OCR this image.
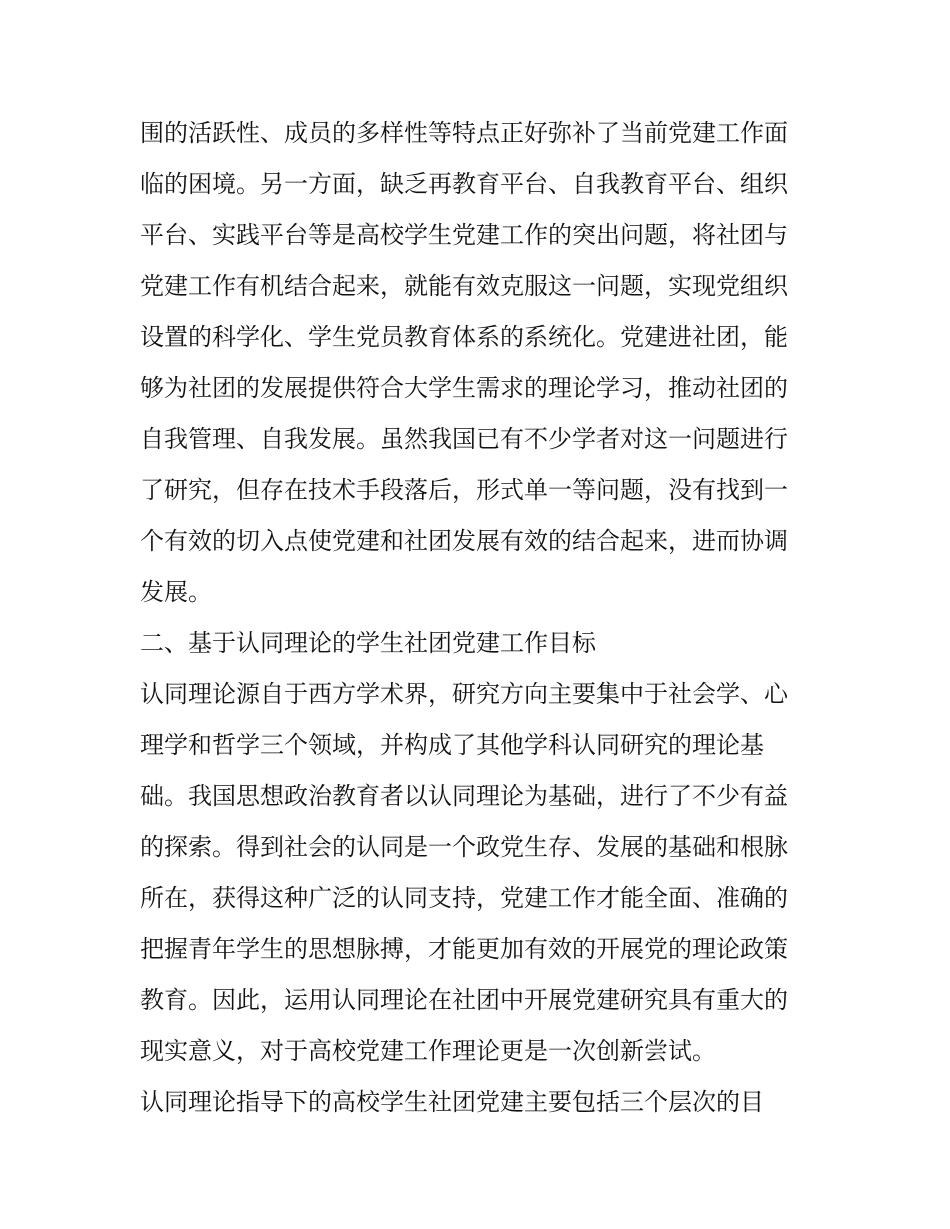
围的活跃性、成员的多样性等特点正好弥补了当前党建工作面
临的困境。另一方面，缺乏再教育平台、自我教育平台、组织
平台、实践平台等是高校学生党建工作的突出问题，将社团与
党建工作有机结合起来，就能有效克服这一问题，实现党组织
设置的科学化、学生党员教育体系的系统化。党建进社团，能
够为社团的发展提供符合大学生需求的理论学习，推动社团的
自我管理、自我发展。虽然我国已有不少学者对这一问题进行
了研究，但存在技术手段落后，形式单一等问题，没有找到一
个有效的切入点使党建和社团发展有效的结合起来，进而协调
发展。
二、基于认同理论的学生社团党建工作目标
认同理论源自于西方学术界，研究方向主要集中于社会学、心
理学和哲学三个领域，并构成了其他学科认同研究的理论基
础。我国思想政治教育者以认同理论为基础，进行了不少有益
的探索。得到社会的认同是一个政党生存、发展的基础和根脉
所在，获得这种广泛的认同支持，党建工作才能全面、准确的
把握青年学生的思想脉搏，才能更加有效的开展党的理论政策
教育。因此，运用认同理论在社团中开展党建研究具有重大的
现实意义，对于高校党建工作理论更是一次创新尝试。
认同理论指导下的高校学生社团党建主要包括三个层次的目
